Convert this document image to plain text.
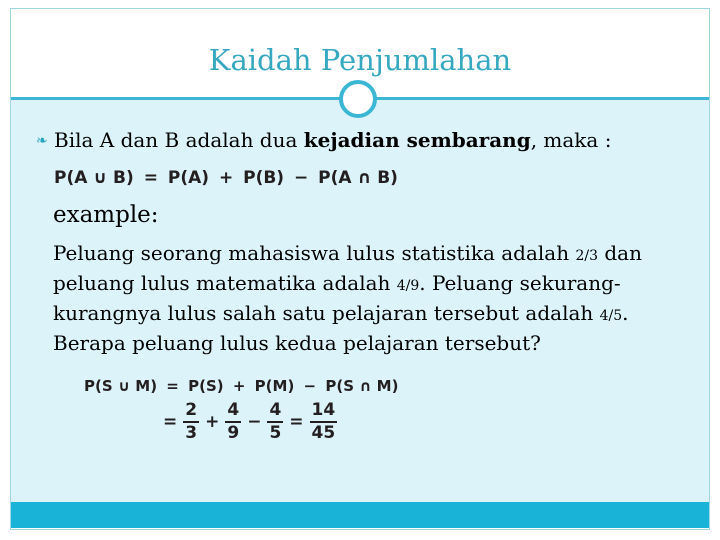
Kaidah Penjumlahan
❧ Bila A dan B adalah dua kejadian sembarang, maka :
P(A ∪ B) = P(A) + P(B) − P(A ∩ B)
example:
Peluang seorang mahasiswa lulus statistika adalah 2/3 dan peluang lulus matematika adalah 4/9. Peluang sekurang-kurangnya lulus salah satu pelajaran tersebut adalah 4/5. Berapa peluang lulus kedua pelajaran tersebut?
P(S ∪ M) = P(S) + P(M) − P(S ∩ M)
= $\frac{2}{3} + \frac{4}{9} - \frac{4}{5} = \frac{14}{45}$
